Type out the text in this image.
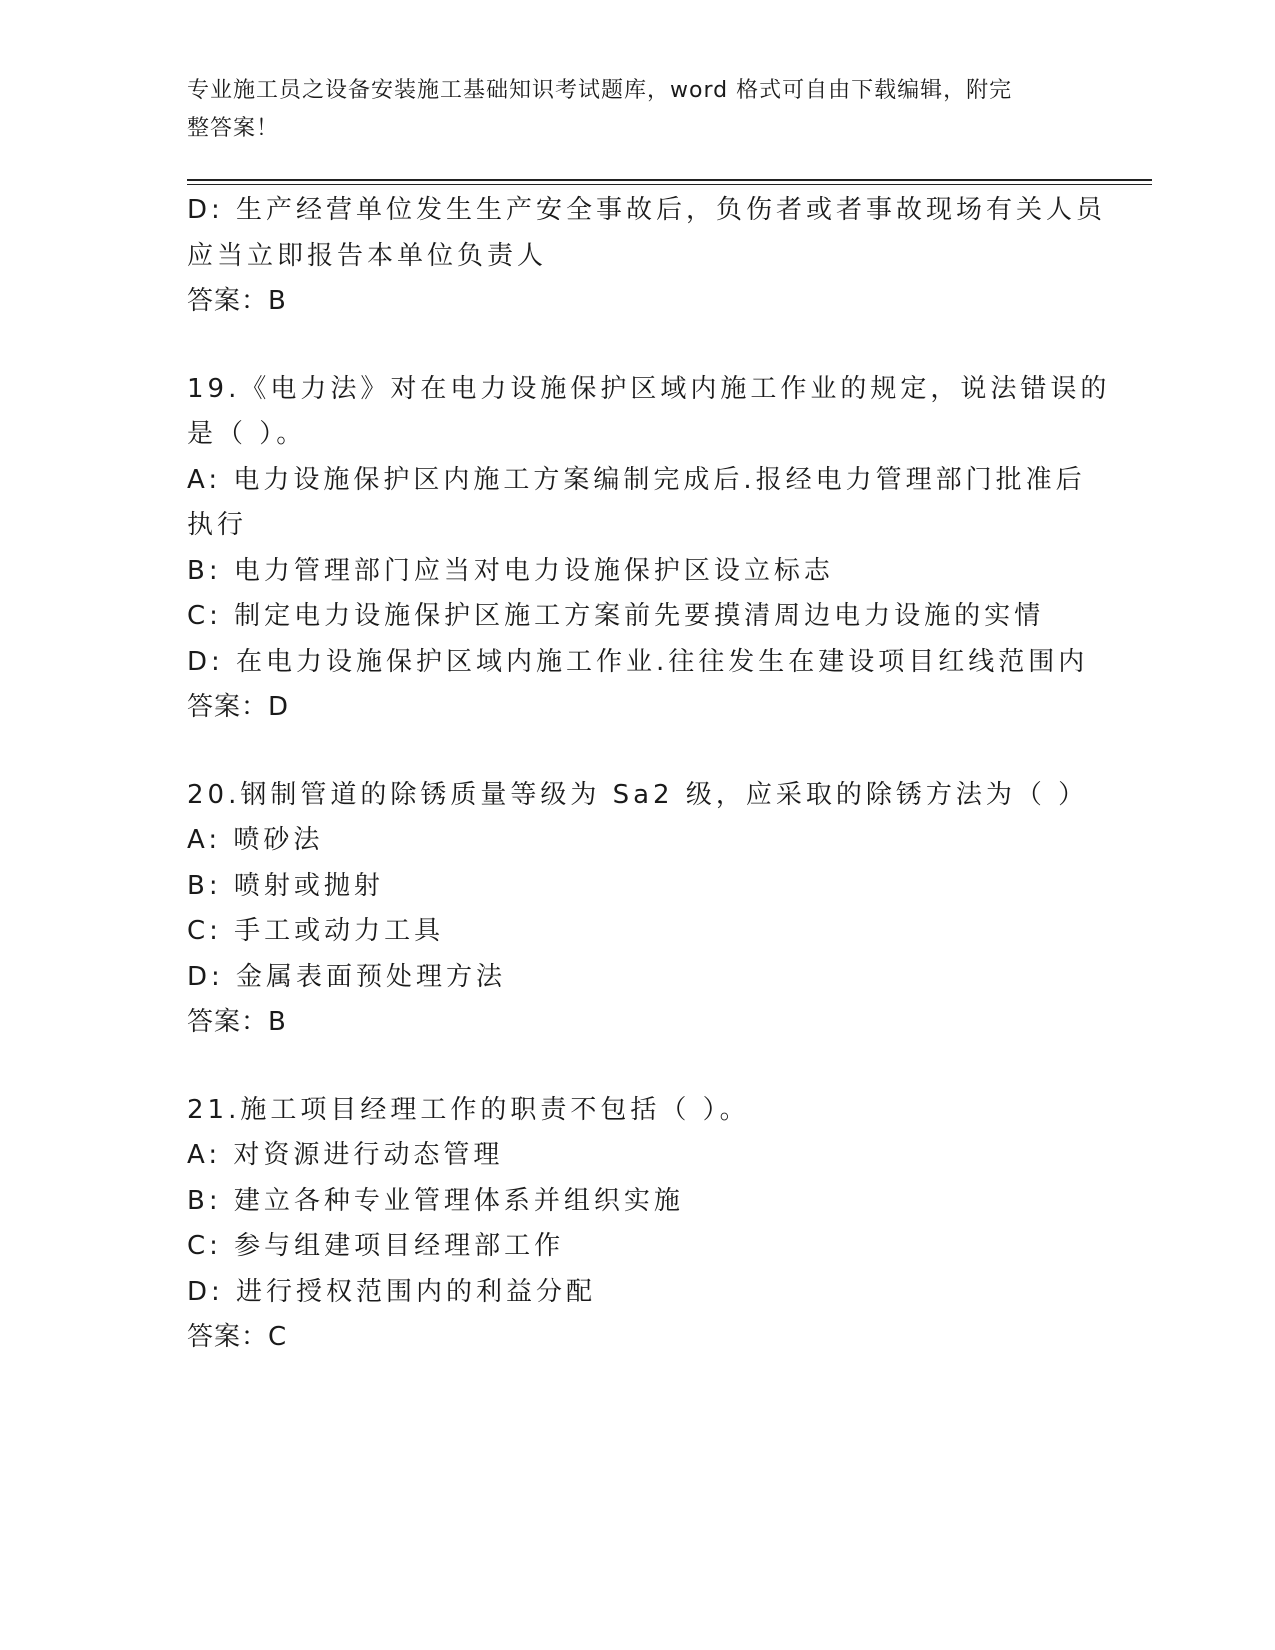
专业施工员之设备安装施工基础知识考试题库，word 格式可自由下载编辑，附完
整答案！
D: 生产经营单位发生生产安全事故后，负伤者或者事故现场有关人员
应当立即报告本单位负责人
答案：B
19.《电力法》对在电力设施保护区域内施工作业的规定，说法错误的
是（ ）。
A: 电力设施保护区内施工方案编制完成后.报经电力管理部门批准后
执行
B: 电力管理部门应当对电力设施保护区设立标志
C: 制定电力设施保护区施工方案前先要摸清周边电力设施的实情
D: 在电力设施保护区域内施工作业.往往发生在建设项目红线范围内
答案：D
20.钢制管道的除锈质量等级为 Sa2 级，应采取的除锈方法为（ ）
A: 喷砂法
B: 喷射或抛射
C: 手工或动力工具
D: 金属表面预处理方法
答案：B
21.施工项目经理工作的职责不包括（ ）。
A: 对资源进行动态管理
B: 建立各种专业管理体系并组织实施
C: 参与组建项目经理部工作
D: 进行授权范围内的利益分配
答案：C
